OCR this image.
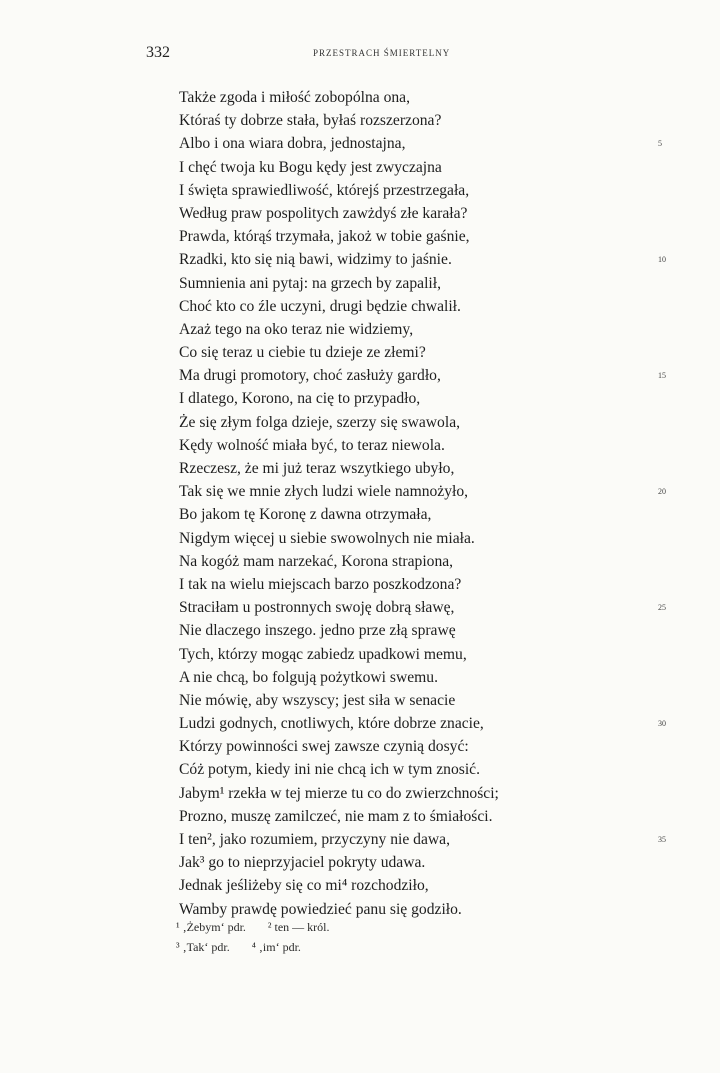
332	PRZESTRACH ŚMIERTELNY
Także zgoda i miłość zobopólna ona,
Któraś ty dobrze stała, byłaś rozszerzona?
Albo i ona wiara dobra, jednostajna,	5
I chęć twoja ku Bogu kędy jest zwyczajna
I święta sprawiedliwość, którejś przestrzegała,
Według praw pospolitych zawżdyś złe karała?
Prawda, którąś trzymała, jakoż w tobie gaśnie,
Rzadki, kto się nią bawi, widzimy to jaśnie.	10
Sumnienia ani pytaj: na grzech by zapalił,
Choć kto co źle uczyni, drugi będzie chwalił.
Azaż tego na oko teraz nie widziemy,
Co się teraz u ciebie tu dzieje ze złemi?
Ma drugi promotory, choć zasłuży gardło,	15
I dlatego, Korono, na cię to przypadło,
Że się złym folga dzieje, szerzy się swawola,
Kędy wolność miała być, to teraz niewola.
Rzeczesz, że mi już teraz wszytkiego ubyło,
Tak się we mnie złych ludzi wiele namnożyło,	20
Bo jakom tę Koronę z dawna otrzymała,
Nigdym więcej u siebie swowolnych nie miała.
Na kogóż mam narzekać, Korona strapiona,
I tak na wielu miejscach barzo poszkodzona?
Straciłam u postronnych swoję dobrą sławę,	25
Nie dlaczego inszego. jedno prze złą sprawę
Tych, którzy mogąc zabiedz upadkowi memu,
A nie chcą, bo folgują pożytkowi swemu.
Nie mówię, aby wszyscy; jest siła w senacie
Ludzi godnych, cnotliwych, które dobrze znacie,	30
Którzy powinności swej zawsze czynią dosyć:
Cóż potym, kiedy ini nie chcą ich w tym znosić.
Jabym¹ rzekła w tej mierze tu co do zwierzchności;
Prozno, muszę zamilczeć, nie mam z to śmiałości.
I ten², jako rozumiem, przyczyny nie dawa,	35
Jak³ go to nieprzyjaciel pokryty udawa.
Jednak jeśliżeby się co mi⁴ rozchodziło,
Wamby prawdę powiedzieć panu się godziło.
¹ ‚Żebym‘ pdr. ² ten — król.
³ ‚Tak‘ pdr. ⁴ ‚im‘ pdr.
